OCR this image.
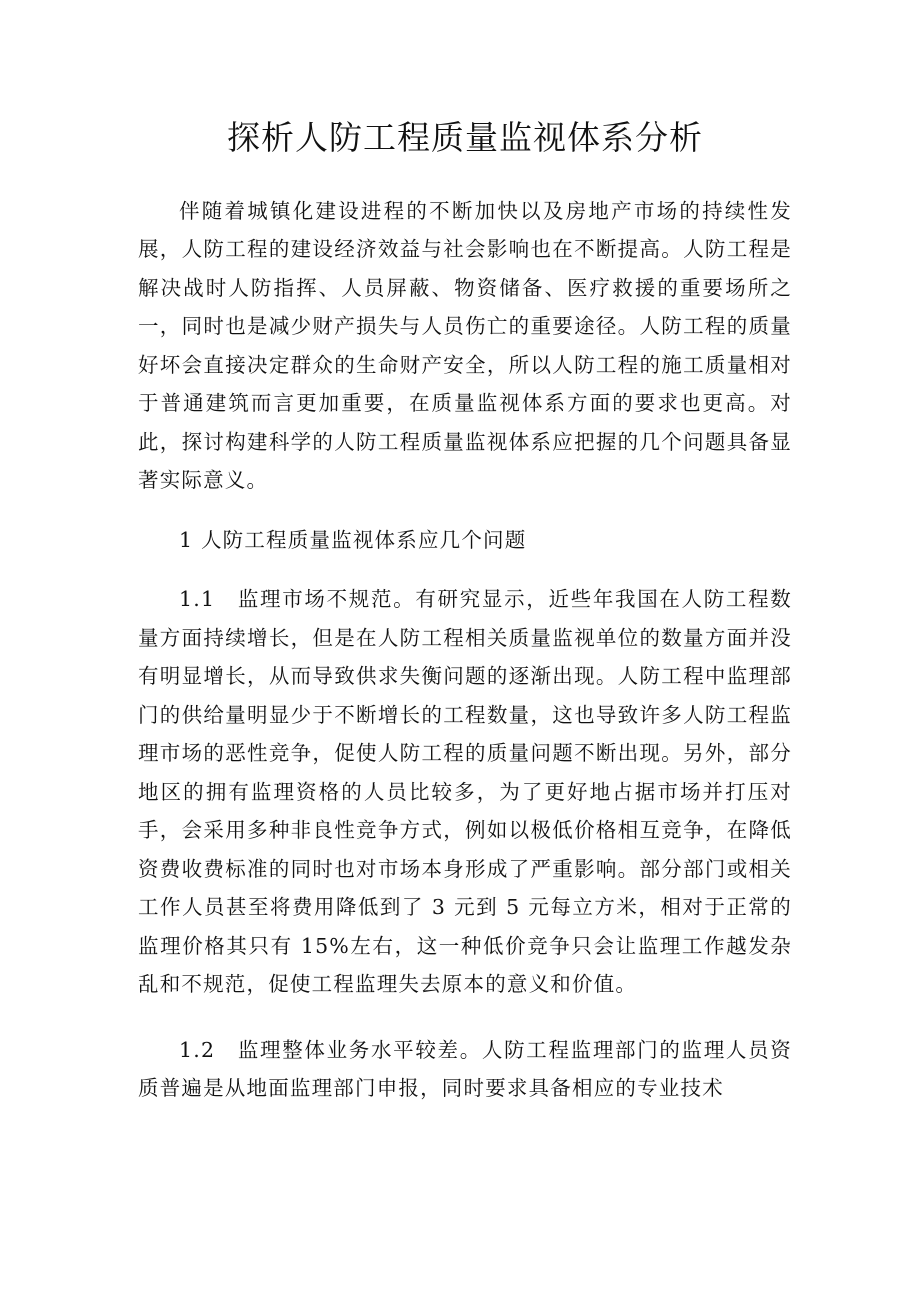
探析人防工程质量监视体系分析

伴随着城镇化建设进程的不断加快以及房地产市场的持续性发展，人防工程的建设经济效益与社会影响也在不断提高。人防工程是解决战时人防指挥、人员屏蔽、物资储备、医疗救援的重要场所之一，同时也是减少财产损失与人员伤亡的重要途径。人防工程的质量好坏会直接决定群众的生命财产安全，所以人防工程的施工质量相对于普通建筑而言更加重要，在质量监视体系方面的要求也更高。对此，探讨构建科学的人防工程质量监视体系应把握的几个问题具备显著实际意义。

1 人防工程质量监视体系应几个问题

1.1　监理市场不规范。有研究显示，近些年我国在人防工程数量方面持续增长，但是在人防工程相关质量监视单位的数量方面并没有明显增长，从而导致供求失衡问题的逐渐出现。人防工程中监理部门的供给量明显少于不断增长的工程数量，这也导致许多人防工程监理市场的恶性竞争，促使人防工程的质量问题不断出现。另外，部分地区的拥有监理资格的人员比较多，为了更好地占据市场并打压对手，会采用多种非良性竞争方式，例如以极低价格相互竞争，在降低资费收费标准的同时也对市场本身形成了严重影响。部分部门或相关工作人员甚至将费用降低到了 3 元到 5 元每立方米，相对于正常的监理价格其只有 15%左右，这一种低价竞争只会让监理工作越发杂乱和不规范，促使工程监理失去原本的意义和价值。

1.2　监理整体业务水平较差。人防工程监理部门的监理人员资质普遍是从地面监理部门申报，同时要求具备相应的专业技术
